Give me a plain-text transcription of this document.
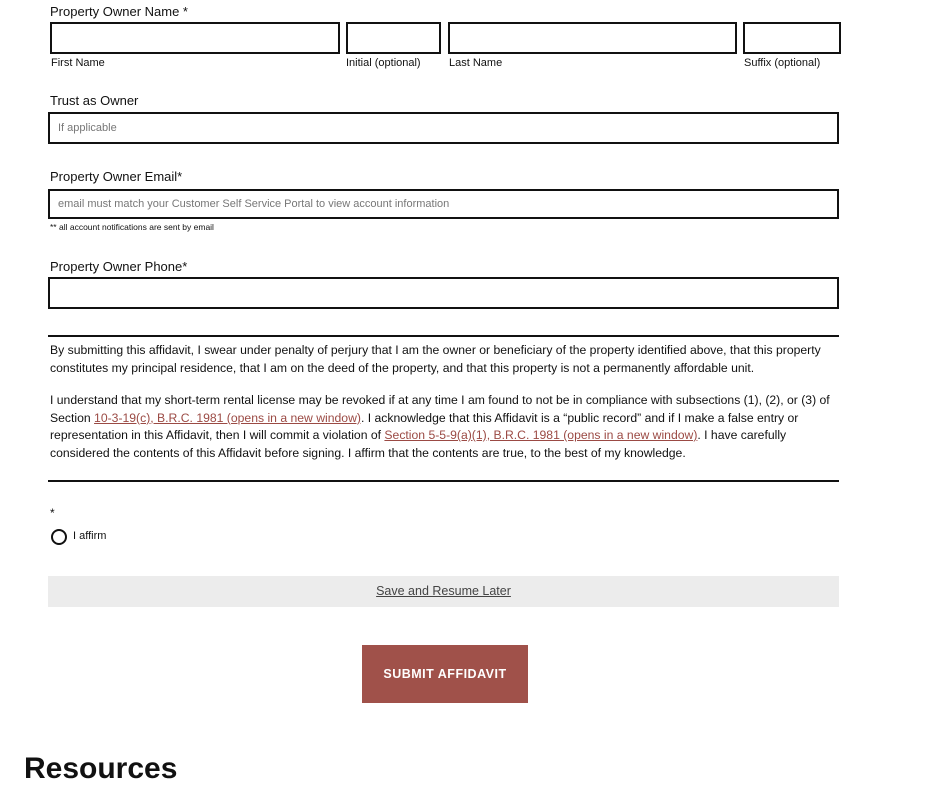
Property Owner Name *
First Name	Initial (optional)	Last Name	Suffix (optional)
Trust as Owner
If applicable
Property Owner Email*
email must match your Customer Self Service Portal to view account information
** all account notifications are sent by email
Property Owner Phone*
By submitting this affidavit, I swear under penalty of perjury that I am the owner or beneficiary of the property identified above, that this property constitutes my principal residence, that I am on the deed of the property, and that this property is not a permanently affordable unit.
I understand that my short-term rental license may be revoked if at any time I am found to not be in compliance with subsections (1), (2), or (3) of Section 10-3-19(c), B.R.C. 1981 (opens in a new window). I acknowledge that this Affidavit is a “public record” and if I make a false entry or representation in this Affidavit, then I will commit a violation of Section 5-5-9(a)(1), B.R.C. 1981 (opens in a new window). I have carefully considered the contents of this Affidavit before signing. I affirm that the contents are true, to the best of my knowledge.
*
I affirm
Save and Resume Later
SUBMIT AFFIDAVIT
Resources
